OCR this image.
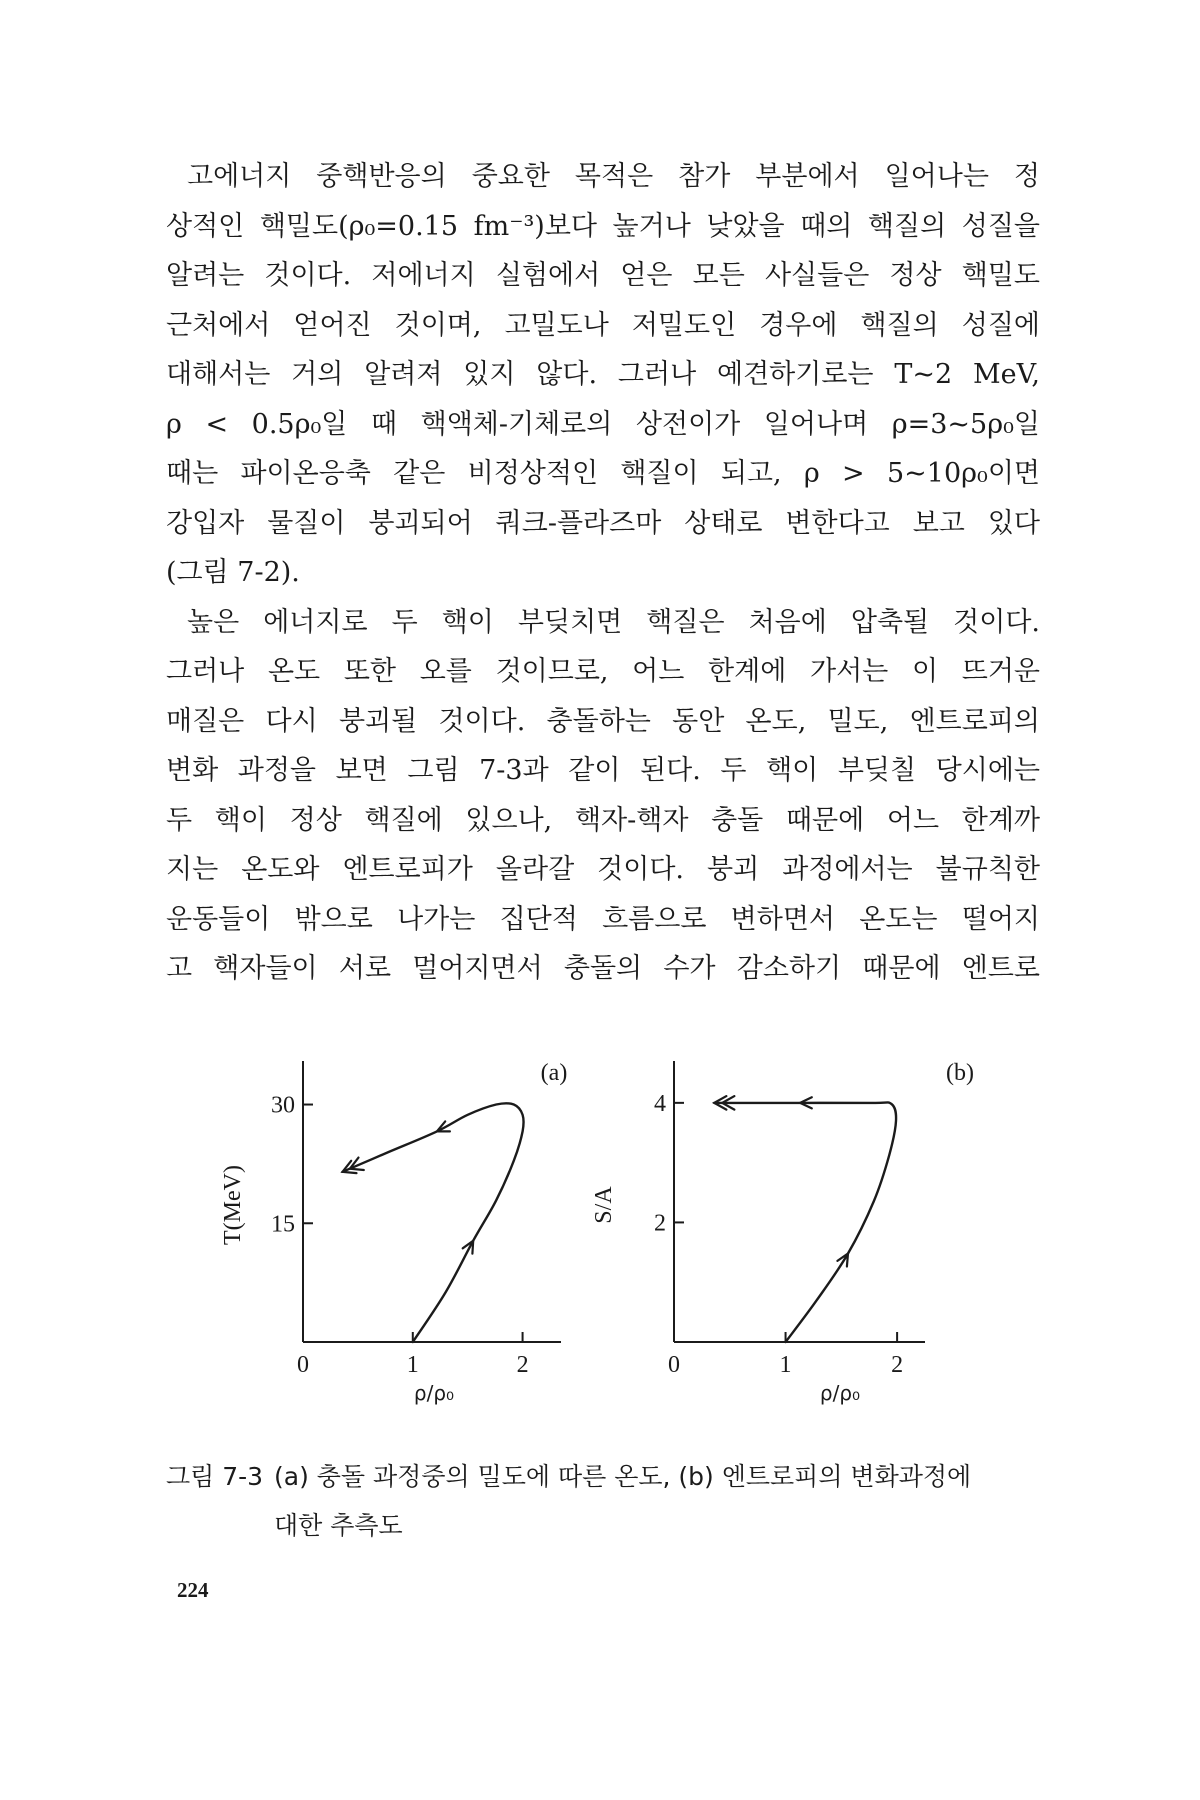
고에너지 중핵반응의 중요한 목적은 참가 부분에서 일어나는 정
상적인 핵밀도(ρ₀=0.15 fm⁻³)보다 높거나 낮았을 때의 핵질의 성질을
알려는 것이다. 저에너지 실험에서 얻은 모든 사실들은 정상 핵밀도
근처에서 얻어진 것이며, 고밀도나 저밀도인 경우에 핵질의 성질에
대해서는 거의 알려져 있지 않다. 그러나 예견하기로는 T~2 MeV,
ρ < 0.5ρ₀일 때 핵액체-기체로의 상전이가 일어나며 ρ=3~5ρ₀일
때는 파이온응축 같은 비정상적인 핵질이 되고, ρ > 5~10ρ₀이면
강입자 물질이 붕괴되어 쿼크-플라즈마 상태로 변한다고 보고 있다
(그림 7-2).
높은 에너지로 두 핵이 부딪치면 핵질은 처음에 압축될 것이다.
그러나 온도 또한 오를 것이므로, 어느 한계에 가서는 이 뜨거운
매질은 다시 붕괴될 것이다. 충돌하는 동안 온도, 밀도, 엔트로피의
변화 과정을 보면 그림 7-3과 같이 된다. 두 핵이 부딪칠 당시에는
두 핵이 정상 핵질에 있으나, 핵자-핵자 충돌 때문에 어느 한계까
지는 온도와 엔트로피가 올라갈 것이다. 붕괴 과정에서는 불규칙한
운동들이 밖으로 나가는 집단적 흐름으로 변하면서 온도는 떨어지
고 핵자들이 서로 멀어지면서 충돌의 수가 감소하기 때문에 엔트로
0	1	2
15
30
T(MeV)
ρ/ρ₀
(a)
0	1	2
2
4
S/A
ρ/ρ₀
(b)
그림 7-3 (a) 충돌 과정중의 밀도에 따른 온도, (b) 엔트로피의 변화과정에
대한 추측도
224
